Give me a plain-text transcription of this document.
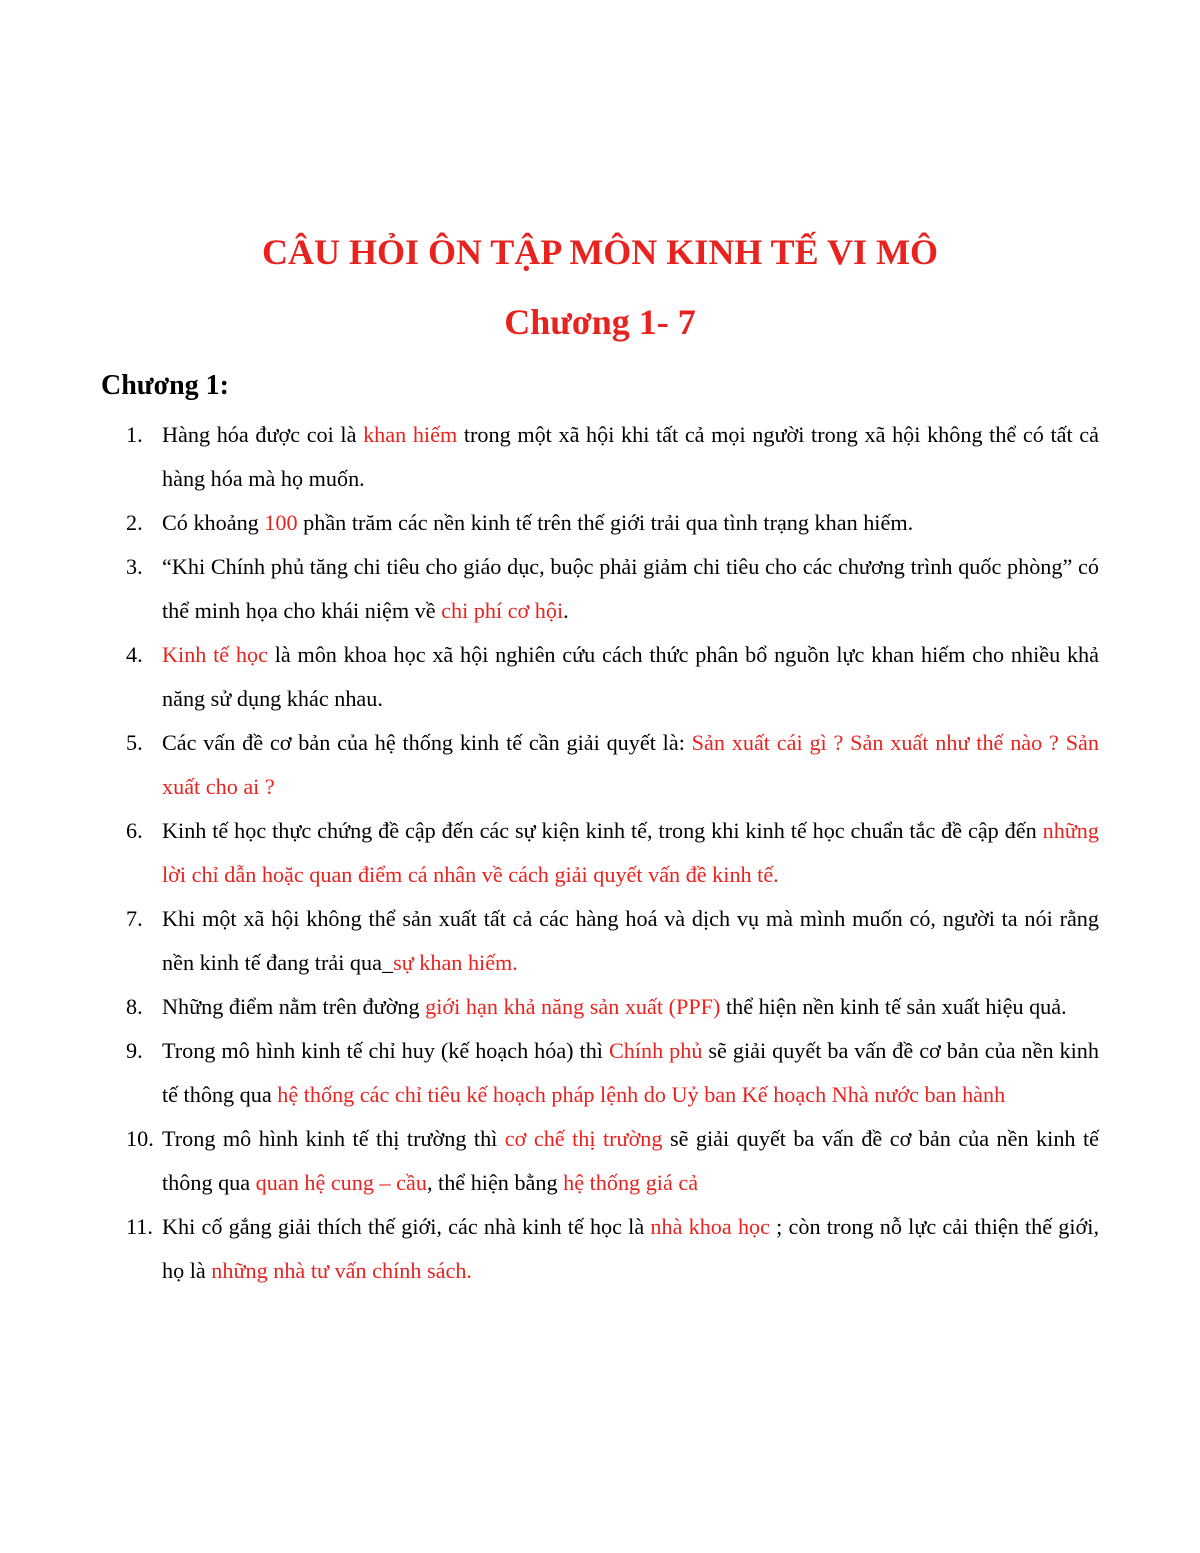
CÂU HỎI ÔN TẬP MÔN KINH TẾ VI MÔ
Chương 1- 7
Chương 1:
1. Hàng hóa được coi là khan hiếm trong một xã hội khi tất cả mọi người trong xã hội không thể có tất cả hàng hóa mà họ muốn.
2. Có khoảng 100 phần trăm các nền kinh tế trên thế giới trải qua tình trạng khan hiếm.
3. “Khi Chính phủ tăng chi tiêu cho giáo dục, buộc phải giảm chi tiêu cho các chương trình quốc phòng” có thể minh họa cho khái niệm về chi phí cơ hội.
4. Kinh tế học là môn khoa học xã hội nghiên cứu cách thức phân bổ nguồn lực khan hiếm cho nhiều khả năng sử dụng khác nhau.
5. Các vấn đề cơ bản của hệ thống kinh tế cần giải quyết là: Sản xuất cái gì ? Sản xuất như thế nào ? Sản xuất cho ai ?
6. Kinh tế học thực chứng đề cập đến các sự kiện kinh tế, trong khi kinh tế học chuẩn tắc đề cập đến những lời chỉ dẫn hoặc quan điểm cá nhân về cách giải quyết vấn đề kinh tế.
7. Khi một xã hội không thể sản xuất tất cả các hàng hoá và dịch vụ mà mình muốn có, người ta nói rằng nền kinh tế đang trải qua_sự khan hiếm.
8. Những điểm nằm trên đường giới hạn khả năng sản xuất (PPF) thể hiện nền kinh tế sản xuất hiệu quả.
9. Trong mô hình kinh tế chỉ huy (kế hoạch hóa) thì Chính phủ sẽ giải quyết ba vấn đề cơ bản của nền kinh tế thông qua hệ thống các chỉ tiêu kế hoạch pháp lệnh do Uỷ ban Kế hoạch Nhà nước ban hành
10. Trong mô hình kinh tế thị trường thì cơ chế thị trường sẽ giải quyết ba vấn đề cơ bản của nền kinh tế thông qua quan hệ cung – cầu, thể hiện bằng hệ thống giá cả
11. Khi cố gắng giải thích thế giới, các nhà kinh tế học là nhà khoa học ; còn trong nỗ lực cải thiện thế giới, họ là những nhà tư vấn chính sách.
